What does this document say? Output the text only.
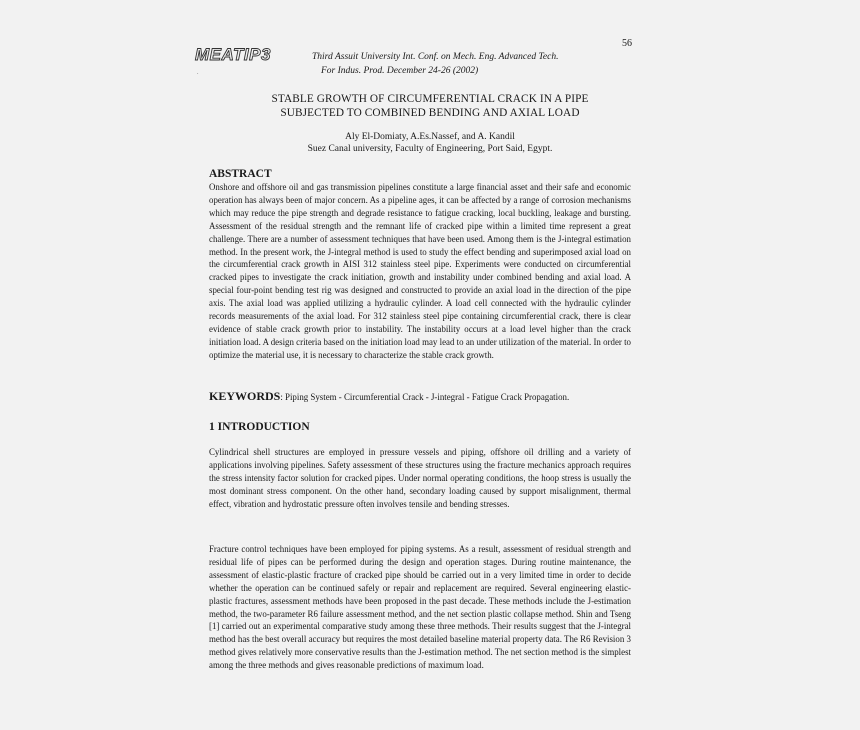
56
MEATIP3
.
Third Assuit University Int. Conf. on Mech. Eng. Advanced Tech.
For Indus. Prod. December 24-26 (2002)
STABLE GROWTH OF CIRCUMFERENTIAL CRACK IN A PIPE
SUBJECTED TO COMBINED BENDING AND AXIAL LOAD
Aly El-Domiaty, A.Es.Nassef, and A. Kandil
Suez Canal university, Faculty of Engineering, Port Said, Egypt.
ABSTRACT
Onshore and offshore oil and gas transmission pipelines constitute a large financial asset and their safe and economic operation has always been of major concern. As a pipeline ages, it can be affected by a range of corrosion mechanisms which may reduce the pipe strength and degrade resistance to fatigue cracking, local buckling, leakage and bursting. Assessment of the residual strength and the remnant life of cracked pipe within a limited time represent a great challenge. There are a number of assessment techniques that have been used. Among them is the J-integral estimation method. In the present work, the J-integral method is used to study the effect bending and superimposed axial load on the circumferential crack growth in AISI 312 stainless steel pipe. Experiments were conducted on circumferential cracked pipes to investigate the crack initiation, growth and instability under combined bending and axial load. A special four-point bending test rig was designed and constructed to provide an axial load in the direction of the pipe axis. The axial load was applied utilizing a hydraulic cylinder. A load cell connected with the hydraulic cylinder records measurements of the axial load. For 312 stainless steel pipe containing circumferential crack, there is clear evidence of stable crack growth prior to instability. The instability occurs at a load level higher than the crack initiation load. A design criteria based on the initiation load may lead to an under utilization of the material. In order to optimize the material use, it is necessary to characterize the stable crack growth.
KEYWORDS: Piping System - Circumferential Crack - J-integral - Fatigue Crack Propagation.
1 INTRODUCTION
Cylindrical shell structures are employed in pressure vessels and piping, offshore oil drilling and a variety of applications involving pipelines. Safety assessment of these structures using the fracture mechanics approach requires the stress intensity factor solution for cracked pipes. Under normal operating conditions, the hoop stress is usually the most dominant stress component. On the other hand, secondary loading caused by support misalignment, thermal effect, vibration and hydrostatic pressure often involves tensile and bending stresses.
Fracture control techniques have been employed for piping systems. As a result, assessment of residual strength and residual life of pipes can be performed during the design and operation stages. During routine maintenance, the assessment of elastic-plastic fracture of cracked pipe should be carried out in a very limited time in order to decide whether the operation can be continued safely or repair and replacement are required. Several engineering elastic-plastic fractures, assessment methods have been proposed in the past decade. These methods include the J-estimation method, the two-parameter R6 failure assessment method, and the net section plastic collapse method. Shin and Tseng [1] carried out an experimental comparative study among these three methods. Their results suggest that the J-integral method has the best overall accuracy but requires the most detailed baseline material property data. The R6 Revision 3 method gives relatively more conservative results than the J-estimation method. The net section method is the simplest among the three methods and gives reasonable predictions of maximum load.
